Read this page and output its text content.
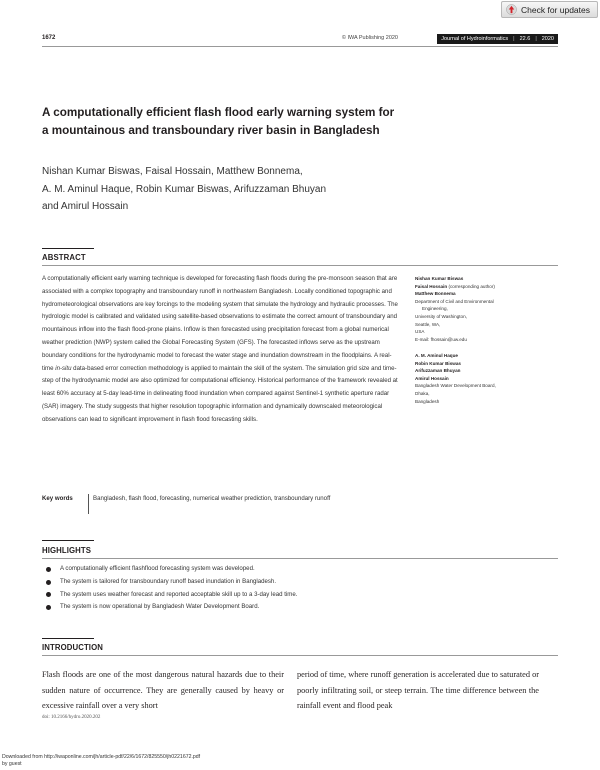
Check for updates
1672	© IWA Publishing 2020	Journal of Hydroinformatics | 22.6 | 2020
A computationally efficient flash flood early warning system for a mountainous and transboundary river basin in Bangladesh
Nishan Kumar Biswas, Faisal Hossain, Matthew Bonnema,
A. M. Aminul Haque, Robin Kumar Biswas, Arifuzzaman Bhuyan
and Amirul Hossain
ABSTRACT

A computationally efficient early warning technique is developed for forecasting flash floods during the pre-monsoon season that are associated with a complex topography and transboundary runoff in northeastern Bangladesh. Locally conditioned topographic and hydrometeorological observations are key forcings to the modeling system that simulate the hydrology and hydraulic processes. The hydrologic model is calibrated and validated using satellite-based observations to estimate the correct amount of transboundary and mountainous inflow into the flash flood-prone plains. Inflow is then forecasted using precipitation forecast from a global numerical weather prediction (NWP) system called the Global Forecasting System (GFS). The forecasted inflows serve as the upstream boundary conditions for the hydrodynamic model to forecast the water stage and inundation downstream in the floodplains. A real-time in-situ data-based error correction methodology is applied to maintain the skill of the system. The simulation grid size and time-step of the hydrodynamic model are also optimized for computational efficiency. Historical performance of the framework revealed at least 60% accuracy at 5-day lead-time in delineating flood inundation when compared against Sentinel-1 synthetic aperture radar (SAR) imagery. The study suggests that higher resolution topographic information and dynamically downscaled meteorological observations can lead to significant improvement in flash flood forecasting skills.

Key words	Bangladesh, flash flood, forecasting, numerical weather prediction, transboundary runoff
Nishan Kumar Biswas
Faisal Hossain (corresponding author)
Matthew Bonnema
Department of Civil and Environmental
Engineering,
University of Washington,
Seattle, WA,
USA
E-mail: fhossain@uw.edu
A. M. Aminul Haque
Robin Kumar Biswas
Arifuzzaman Bhuyan
Amirul Hossain
Bangladesh Water Development Board,
Dhaka,
Bangladesh
HIGHLIGHTS
A computationally efficient flashflood forecasting system was developed.
The system is tailored for transboundary runoff based inundation in Bangladesh.
The system uses weather forecast and reported acceptable skill up to a 3-day lead time.
The system is now operational by Bangladesh Water Development Board.
INTRODUCTION

Flash floods are one of the most dangerous natural hazards due to their sudden nature of occurrence. They are generally caused by heavy or excessive rainfall over a very short

period of time, where runoff generation is accelerated due to saturated or poorly infiltrating soil, or steep terrain. The time difference between the rainfall event and flood peak

doi: 10.2166/hydro.2020.202
Downloaded from http://iwaponline.com/jh/article-pdf/22/6/1672/825550/jh0221672.pdf
by guest
